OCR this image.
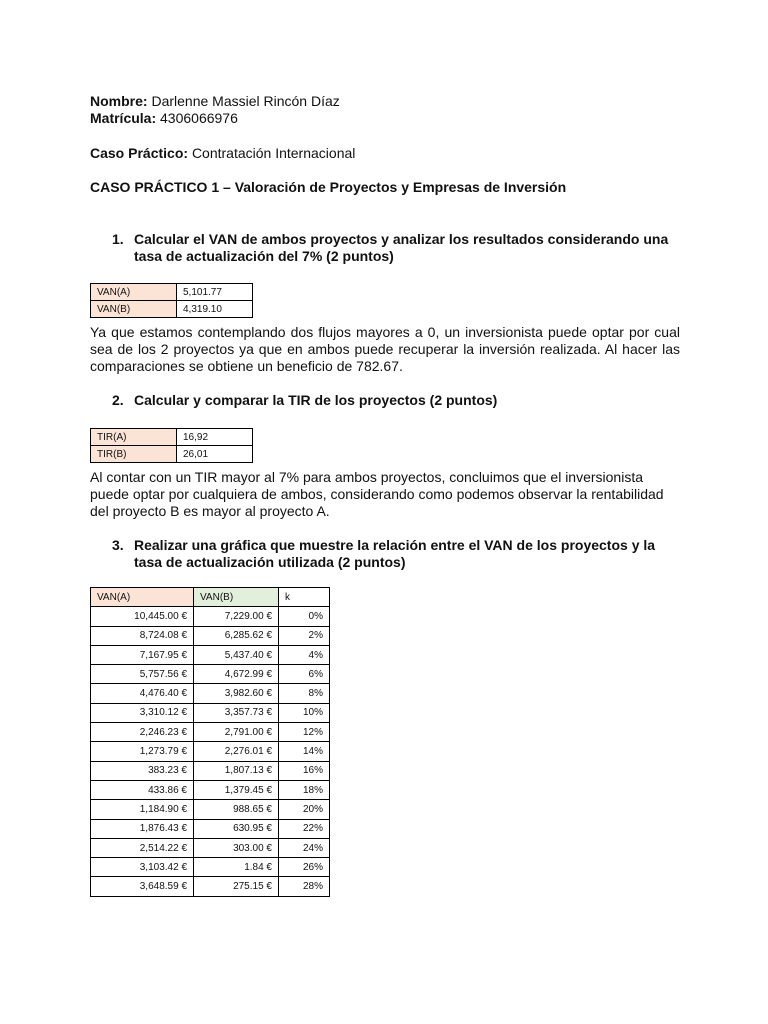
Nombre: Darlenne Massiel Rincón Díaz
Matrícula: 4306066976
Caso Práctico: Contratación Internacional
CASO PRÁCTICO 1 – Valoración de Proyectos y Empresas de Inversión
1. Calcular el VAN de ambos proyectos y analizar los resultados considerando una
tasa de actualización del 7% (2 puntos)
VAN(A)	5,101.77
VAN(B)	4,319.10
Ya que estamos contemplando dos flujos mayores a 0, un inversionista puede optar por cual sea de los 2 proyectos ya que en ambos puede recuperar la inversión realizada. Al hacer las comparaciones se obtiene un beneficio de 782.67.
2. Calcular y comparar la TIR de los proyectos (2 puntos)
TIR(A)	16,92
TIR(B)	26,01
Al contar con un TIR mayor al 7% para ambos proyectos, concluimos que el inversionista puede optar por cualquiera de ambos, considerando como podemos observar la rentabilidad del proyecto B es mayor al proyecto A.
3. Realizar una gráfica que muestre la relación entre el VAN de los proyectos y la
tasa de actualización utilizada (2 puntos)
VAN(A)	VAN(B)	k
10,445.00 €	7,229.00 €	0%
8,724.08 €	6,285.62 €	2%
7,167.95 €	5,437.40 €	4%
5,757.56 €	4,672.99 €	6%
4,476.40 €	3,982.60 €	8%
3,310.12 €	3,357.73 €	10%
2,246.23 €	2,791.00 €	12%
1,273.79 €	2,276.01 €	14%
383.23 €	1,807.13 €	16%
433.86 €	1,379.45 €	18%
1,184.90 €	988.65 €	20%
1,876.43 €	630.95 €	22%
2,514.22 €	303.00 €	24%
3,103.42 €	1.84 €	26%
3,648.59 €	275.15 €	28%
